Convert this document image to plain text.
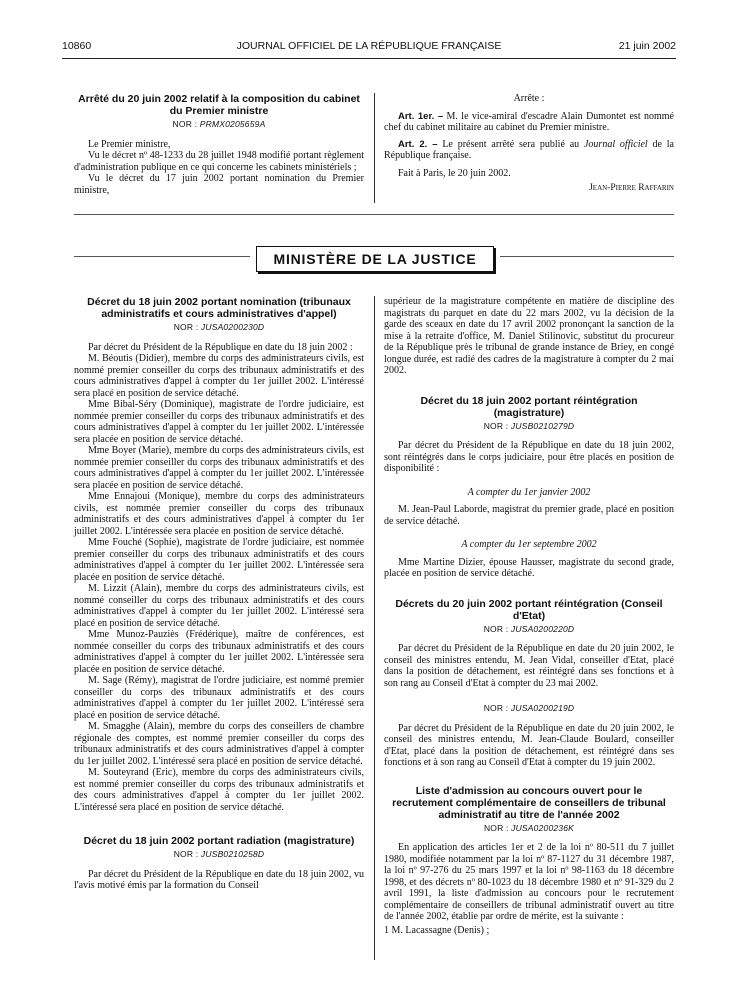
10860	JOURNAL OFFICIEL DE LA RÉPUBLIQUE FRANÇAISE	21 juin 2002
Arrêté du 20 juin 2002 relatif à la composition du cabinet du Premier ministre
NOR : PRMX0205659A

Le Premier ministre,

Vu le décret nº 48-1233 du 28 juillet 1948 modifié portant règlement d'administration publique en ce qui concerne les cabinets ministériels ;

Vu le décret du 17 juin 2002 portant nomination du Premier ministre,

Arrête :

Art. 1er. – M. le vice-amiral d'escadre Alain Dumontet est nommé chef du cabinet militaire au cabinet du Premier ministre.

Art. 2. – Le présent arrêté sera publié au Journal officiel de la République française.

Fait à Paris, le 20 juin 2002.

Jean-Pierre Raffarin
MINISTÈRE DE LA JUSTICE
Décret du 18 juin 2002 portant nomination (tribunaux administratifs et cours administratives d'appel)
NOR : JUSA0200230D

Par décret du Président de la République en date du 18 juin 2002 :

M. Béoutis (Didier), membre du corps des administrateurs civils, est nommé premier conseiller du corps des tribunaux administratifs et des cours administratives d'appel à compter du 1er juillet 2002. L'intéressé sera placé en position de service détaché.

Mme Bibal-Séry (Dominique), magistrate de l'ordre judiciaire, est nommée premier conseiller du corps des tribunaux administratifs et des cours administratives d'appel à compter du 1er juillet 2002. L'intéressée sera placée en position de service détaché.

Mme Boyer (Marie), membre du corps des administrateurs civils, est nommée premier conseiller du corps des tribunaux administratifs et des cours administratives d'appel à compter du 1er juillet 2002. L'intéressée sera placée en position de service détaché.

Mme Ennajoui (Monique), membre du corps des administrateurs civils, est nommée premier conseiller du corps des tribunaux administratifs et des cours administratives d'appel à compter du 1er juillet 2002. L'intéressée sera placée en position de service détaché.

Mme Fouché (Sophie), magistrate de l'ordre judiciaire, est nommée premier conseiller du corps des tribunaux administratifs et des cours administratives d'appel à compter du 1er juillet 2002. L'intéressée sera placée en position de service détaché.

M. Lizzit (Alain), membre du corps des administrateurs civils, est nommé conseiller du corps des tribunaux administratifs et des cours administratives d'appel à compter du 1er juillet 2002. L'intéressé sera placé en position de service détaché.

Mme Munoz-Pauziès (Frédérique), maître de conférences, est nommée conseiller du corps des tribunaux administratifs et des cours administratives d'appel à compter du 1er juillet 2002. L'intéressée sera placée en position de service détaché.

M. Sage (Rémy), magistrat de l'ordre judiciaire, est nommé premier conseiller du corps des tribunaux administratifs et des cours administratives d'appel à compter du 1er juillet 2002. L'intéressé sera placé en position de service détaché.

M. Smagghe (Alain), membre du corps des conseillers de chambre régionale des comptes, est nommé premier conseiller du corps des tribunaux administratifs et des cours administratives d'appel à compter du 1er juillet 2002. L'intéressé sera placé en position de service détaché.

M. Souteyrand (Eric), membre du corps des administrateurs civils, est nommé premier conseiller du corps des tribunaux administratifs et des cours administratives d'appel à compter du 1er juillet 2002. L'intéressé sera placé en position de service détaché.

Décret du 18 juin 2002 portant radiation (magistrature)
NOR : JUSB0210258D

Par décret du Président de la République en date du 18 juin 2002, vu l'avis motivé émis par la formation du Conseil

supérieur de la magistrature compétente en matière de discipline des magistrats du parquet en date du 22 mars 2002, vu la décision de la garde des sceaux en date du 17 avril 2002 prononçant la sanction de la mise à la retraite d'office, M. Daniel Stilinovic, substitut du procureur de la République près le tribunal de grande instance de Briey, en congé longue durée, est radié des cadres de la magistrature à compter du 2 mai 2002.

Décret du 18 juin 2002 portant réintégration (magistrature)
NOR : JUSB0210279D

Par décret du Président de la République en date du 18 juin 2002, sont réintégrés dans le corps judiciaire, pour être placés en position de disponibilité :

A compter du 1er janvier 2002

M. Jean-Paul Laborde, magistrat du premier grade, placé en position de service détaché.

A compter du 1er septembre 2002

Mme Martine Dizier, épouse Hausser, magistrate du second grade, placée en position de service détaché.

Décrets du 20 juin 2002 portant réintégration (Conseil d'Etat)
NOR : JUSA0200220D

Par décret du Président de la République en date du 20 juin 2002, le conseil des ministres entendu, M. Jean Vidal, conseiller d'Etat, placé dans la position de détachement, est réintégré dans ses fonctions et à son rang au Conseil d'Etat à compter du 23 mai 2002.

NOR : JUSA0200219D

Par décret du Président de la République en date du 20 juin 2002, le conseil des ministres entendu, M. Jean-Claude Boulard, conseiller d'Etat, placé dans la position de détachement, est réintégré dans ses fonctions et à son rang au Conseil d'Etat à compter du 19 juin 2002.

Liste d'admission au concours ouvert pour le recrutement complémentaire de conseillers de tribunal administratif au titre de l'année 2002
NOR : JUSA0200236K

En application des articles 1er et 2 de la loi nº 80-511 du 7 juillet 1980, modifiée notamment par la loi nº 87-1127 du 31 décembre 1987, la loi nº 97-276 du 25 mars 1997 et la loi nº 98-1163 du 18 décembre 1998, et des décrets nº 80-1023 du 18 décembre 1980 et nº 91-329 du 2 avril 1991, la liste d'admission au concours pour le recrutement complémentaire de conseillers de tribunal administratif ouvert au titre de l'année 2002, établie par ordre de mérite, est la suivante :

1 M. Lacassagne (Denis) ;
